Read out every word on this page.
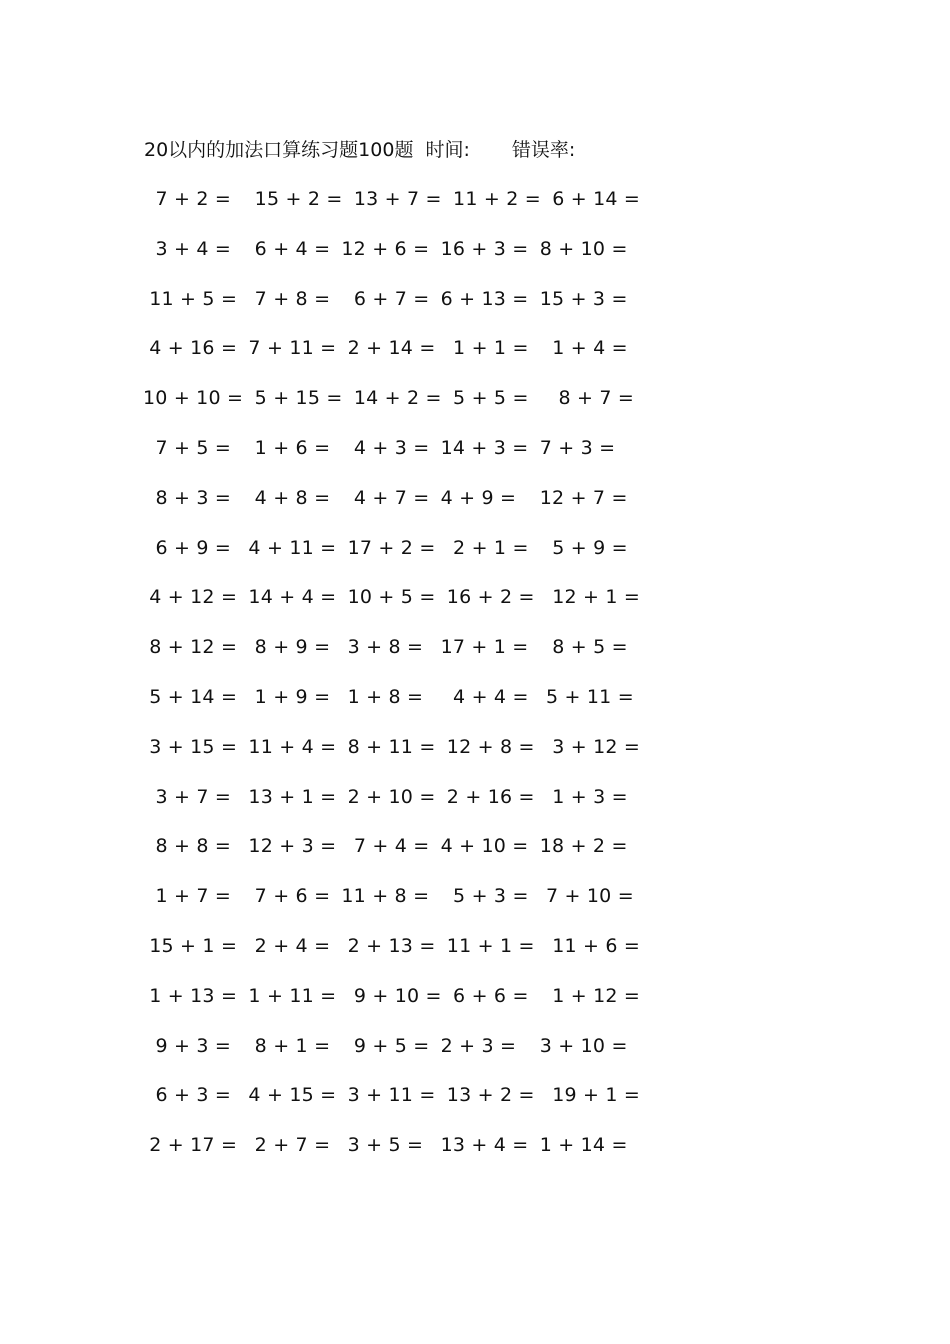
20以内的加法口算练习题100题 时间: 错误率:
7 + 2 = 15 + 2 =
13 + 7 =
11 + 2 =
6 + 14 =
3 + 4 = 6 + 4 = 12 + 6 = 16 + 3 = 8 + 10 =
11 + 5 = 7 + 8 = 6 + 7 = 6 + 13 = 15 + 3 =
4 + 16 = 7 + 11 = 2 + 14 = 1 + 1 = 1 + 4 =
10 + 10 = 5 + 15 =
14 + 2 =
5 + 5 = 8 + 7 =
7 + 5 = 1 + 6 = 4 + 3 = 14 + 3 = 7 + 3 =
8 + 3 = 4 + 8 = 4 + 7 = 4 + 9 =	12 + 7 =
6 + 9 = 4 + 11 = 17 + 2 = 2 + 1 = 5 + 9 =
4 + 12 = 14 + 4 = 10 + 5 = 16 + 2 = 12 + 1 =
8 + 12 = 8 + 9 = 3 + 8 = 17 + 1 = 8 + 5 =
5 + 14 = 1 + 9 = 1 + 8 = 4 + 4 = 5 + 11 =
3 + 15 = 11 + 4 = 8 + 11 = 12 + 8 = 3 + 12 =
3 + 7 = 13 + 1 = 2 + 10 = 2 + 16 = 1 + 3 =
8 + 8 = 12 + 3 = 7 + 4 = 4 + 10 = 18 + 2 =
1 + 7 = 7 + 6 = 11 + 8 = 5 + 3 = 7 + 10 =
15 + 1 = 2 + 4 = 2 + 13 = 11 + 1 = 11 + 6 =
1 + 13 = 1 + 11 = 9 + 10 =
6 + 6 = 1 + 12 =
9 + 3 = 8 + 1 = 9 + 5 = 2 + 3 =	3 + 10 =
6 + 3 = 4 + 15 = 3 + 11 = 13 + 2 = 19 + 1 =
2 + 17 = 2 + 7 = 3 + 5 = 13 + 4 = 1 + 14 =
